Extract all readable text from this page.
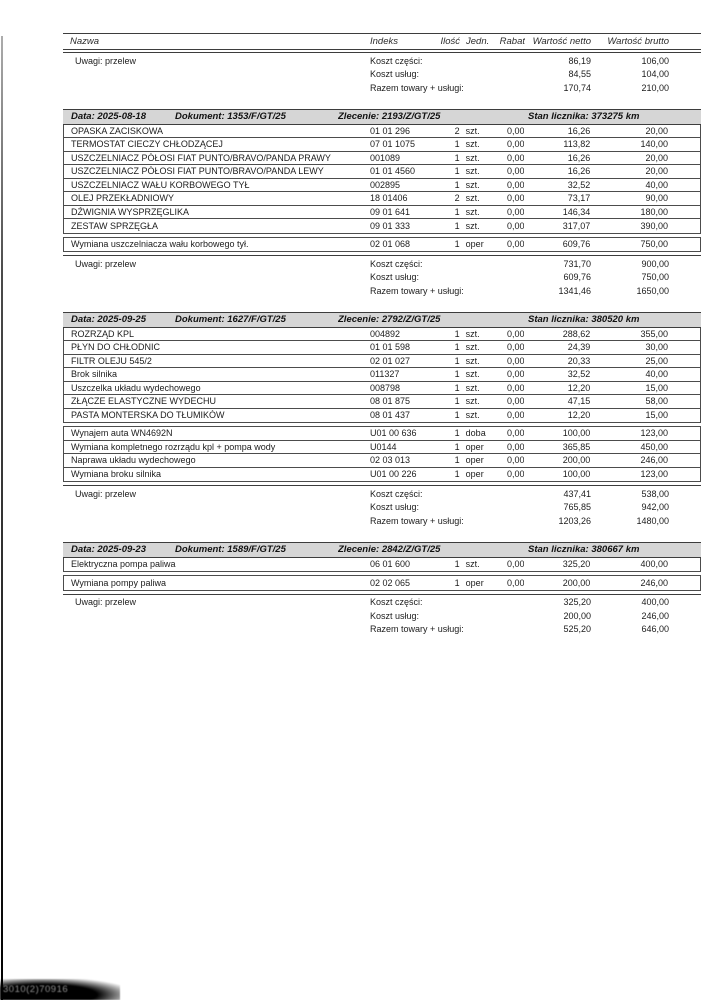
Nazwa	Indeks	Ilość Jedn.	Rabat Wartość netto	Wartość brutto
Uwagi: przelew	Koszt części:	86,19	106,00
Koszt usług:	84,55	104,00
Razem towary + usługi:	170,74	210,00
Data: 2025-08-18	Dokument: 1353/F/GT/25	Zlecenie: 2193/Z/GT/25	Stan licznika: 373275 km
OPASKA ZACISKOWA	01 01 296	2 szt.	0,00	16,26	20,00
TERMOSTAT CIECZY CHŁODZĄCEJ	07 01 1075	1 szt.	0,00	113,82	140,00
USZCZELNIACZ PÓŁOSI FIAT PUNTO/BRAVO/PANDA PRAWY	001089	1 szt.	0,00	16,26	20,00
USZCZELNIACZ PÓŁOSI FIAT PUNTO/BRAVO/PANDA LEWY	01 01 4560	1 szt.	0,00	16,26	20,00
USZCZELNIACZ WAŁU KORBOWEGO TYŁ	002895	1 szt.	0,00	32,52	40,00
OLEJ PRZEKŁADNIOWY	18 01406	2 szt.	0,00	73,17	90,00
DŹWIGNIA WYSPRZĘGLIKA	09 01 641	1 szt.	0,00	146,34	180,00
ZESTAW SPRZĘGŁA	09 01 333	1 szt.	0,00	317,07	390,00
Wymiana uszczelniacza wału korbowego tył.	02 01 068	1 oper	0,00	609,76	750,00
Uwagi: przelew	Koszt części:	731,70	900,00
Koszt usług:	609,76	750,00
Razem towary + usługi:	1341,46	1650,00
Data: 2025-09-25	Dokument: 1627/F/GT/25	Zlecenie: 2792/Z/GT/25	Stan licznika: 380520 km
ROZRZĄD KPL	004892	1 szt.	0,00	288,62	355,00
PŁYN DO CHŁODNIC	01 01 598	1 szt.	0,00	24,39	30,00
FILTR OLEJU 545/2	02 01 027	1 szt.	0,00	20,33	25,00
Brok silnika	011327	1 szt.	0,00	32,52	40,00
Uszczelka układu wydechowego	008798	1 szt.	0,00	12,20	15,00
ZŁĄCZE ELASTYCZNE WYDECHU	08 01 875	1 szt.	0,00	47,15	58,00
PASTA MONTERSKA DO TŁUMIKÓW	08 01 437	1 szt.	0,00	12,20	15,00
Wynajem auta WN4692N	U01 00 636	1 doba	0,00	100,00	123,00
Wymiana kompletnego rozrządu kpl + pompa wody	U0144	1 oper	0,00	365,85	450,00
Naprawa układu wydechowego	02 03 013	1 oper	0,00	200,00	246,00
Wymiana broku silnika	U01 00 226	1 oper	0,00	100,00	123,00
Uwagi: przelew	Koszt części:	437,41	538,00
Koszt usług:	765,85	942,00
Razem towary + usługi:	1203,26	1480,00
Data: 2025-09-23	Dokument: 1589/F/GT/25	Zlecenie: 2842/Z/GT/25	Stan licznika: 380667 km
Elektryczna pompa paliwa	06 01 600	1 szt.	0,00	325,20	400,00
Wymiana pompy paliwa	02 02 065	1 oper	0,00	200,00	246,00
Uwagi: przelew	Koszt części:	325,20	400,00
Koszt usług:	200,00	246,00
Razem towary + usługi:	525,20	646,00
3010(2)70916
